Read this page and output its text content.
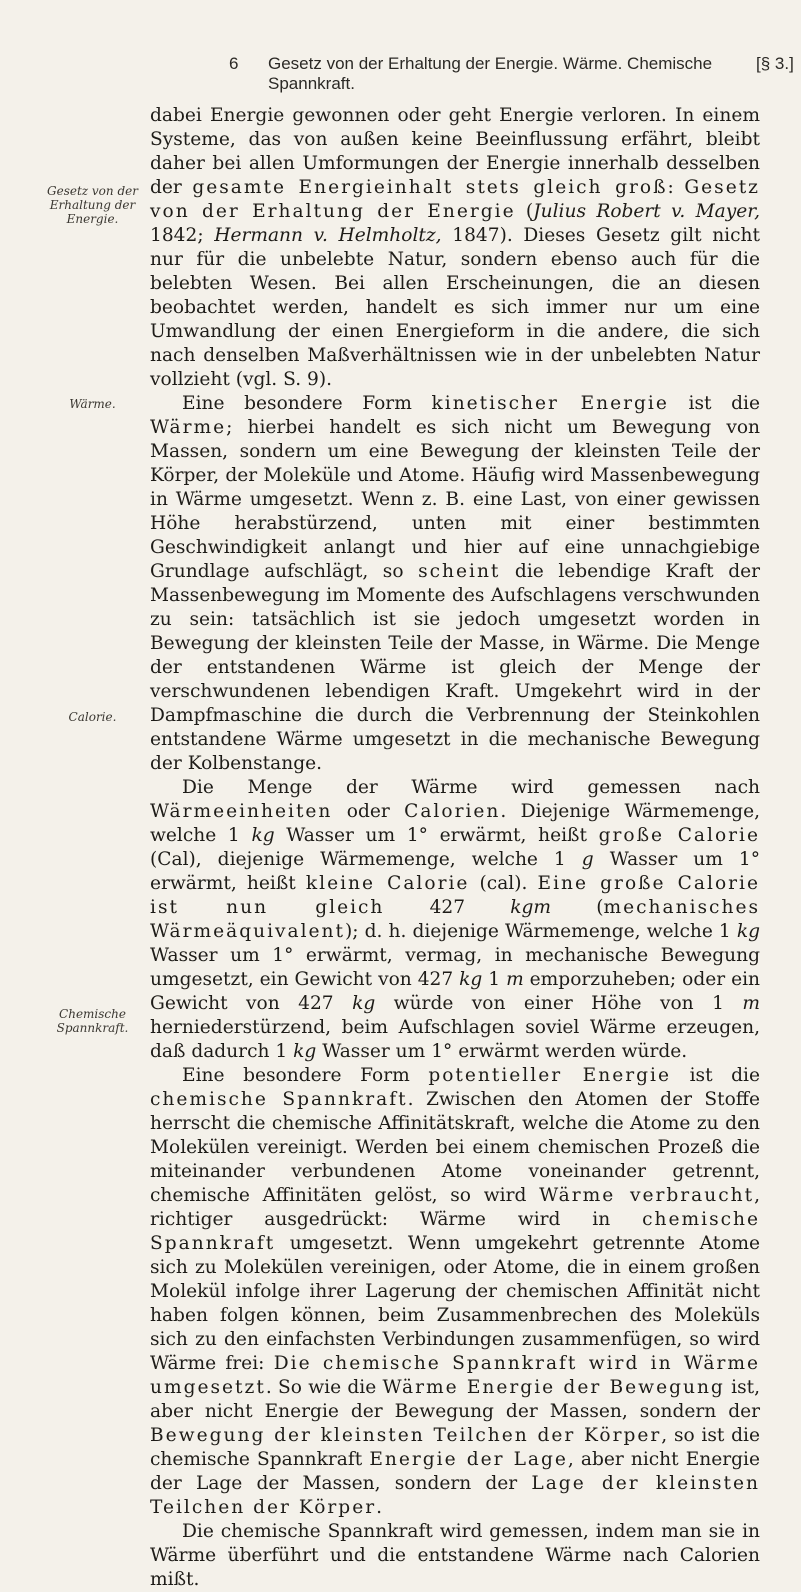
6 Gesetz von der Erhaltung der Energie. Wärme. Chemische Spannkraft.
[§ 3.]
Gesetz von der Erhaltung der Energie.
Wärme.
Calorie.
Chemische Spannkraft.

dabei Energie gewonnen oder geht Energie verloren. In einem Systeme, das von außen keine Beeinflussung erfährt, bleibt daher bei allen Umformungen der Energie innerhalb desselben der gesamte Energieinhalt stets gleich groß: Gesetz von der Erhaltung der Energie (Julius Robert v. Mayer, 1842; Hermann v. Helmholtz, 1847). Dieses Gesetz gilt nicht nur für die unbelebte Natur, sondern ebenso auch für die belebten Wesen. Bei allen Erscheinungen, die an diesen beobachtet werden, handelt es sich immer nur um eine Umwandlung der einen Energieform in die andere, die sich nach denselben Maßverhältnissen wie in der unbelebten Natur vollzieht (vgl. S. 9).

Eine besondere Form kinetischer Energie ist die Wärme; hierbei handelt es sich nicht um Bewegung von Massen, sondern um eine Bewegung der kleinsten Teile der Körper, der Moleküle und Atome. Häufig wird Massenbewegung in Wärme umgesetzt. Wenn z. B. eine Last, von einer gewissen Höhe herabstürzend, unten mit einer bestimmten Geschwindigkeit anlangt und hier auf eine unnachgiebige Grundlage aufschlägt, so scheint die lebendige Kraft der Massenbewegung im Momente des Aufschlagens verschwunden zu sein: tatsächlich ist sie jedoch umgesetzt worden in Bewegung der kleinsten Teile der Masse, in Wärme. Die Menge der entstandenen Wärme ist gleich der Menge der verschwundenen lebendigen Kraft. Umgekehrt wird in der Dampfmaschine die durch die Verbrennung der Steinkohlen entstandene Wärme umgesetzt in die mechanische Bewegung der Kolbenstange.

Die Menge der Wärme wird gemessen nach Wärmeeinheiten oder Calorien. Diejenige Wärmemenge, welche 1 kg Wasser um 1° erwärmt, heißt große Calorie (Cal), diejenige Wärmemenge, welche 1 g Wasser um 1° erwärmt, heißt kleine Calorie (cal). Eine große Calorie ist nun gleich 427 kgm (mechanisches Wärmeäquivalent); d. h. diejenige Wärmemenge, welche 1 kg Wasser um 1° erwärmt, vermag, in mechanische Bewegung umgesetzt, ein Gewicht von 427 kg 1 m emporzuheben; oder ein Gewicht von 427 kg würde von einer Höhe von 1 m herniederstürzend, beim Aufschlagen soviel Wärme erzeugen, daß dadurch 1 kg Wasser um 1° erwärmt werden würde.

Eine besondere Form potentieller Energie ist die chemische Spannkraft. Zwischen den Atomen der Stoffe herrscht die chemische Affinitätskraft, welche die Atome zu den Molekülen vereinigt. Werden bei einem chemischen Prozeß die miteinander verbundenen Atome voneinander getrennt, chemische Affinitäten gelöst, so wird Wärme verbraucht, richtiger ausgedrückt: Wärme wird in chemische Spannkraft umgesetzt. Wenn umgekehrt getrennte Atome sich zu Molekülen vereinigen, oder Atome, die in einem großen Molekül infolge ihrer Lagerung der chemischen Affinität nicht haben folgen können, beim Zusammenbrechen des Moleküls sich zu den einfachsten Verbindungen zusammenfügen, so wird Wärme frei: Die chemische Spannkraft wird in Wärme umgesetzt. So wie die Wärme Energie der Bewegung ist, aber nicht Energie der Bewegung der Massen, sondern der Bewegung der kleinsten Teilchen der Körper, so ist die chemische Spannkraft Energie der Lage, aber nicht Energie der Lage der Massen, sondern der Lage der kleinsten Teilchen der Körper.

Die chemische Spannkraft wird gemessen, indem man sie in Wärme überführt und die entstandene Wärme nach Calorien mißt.
